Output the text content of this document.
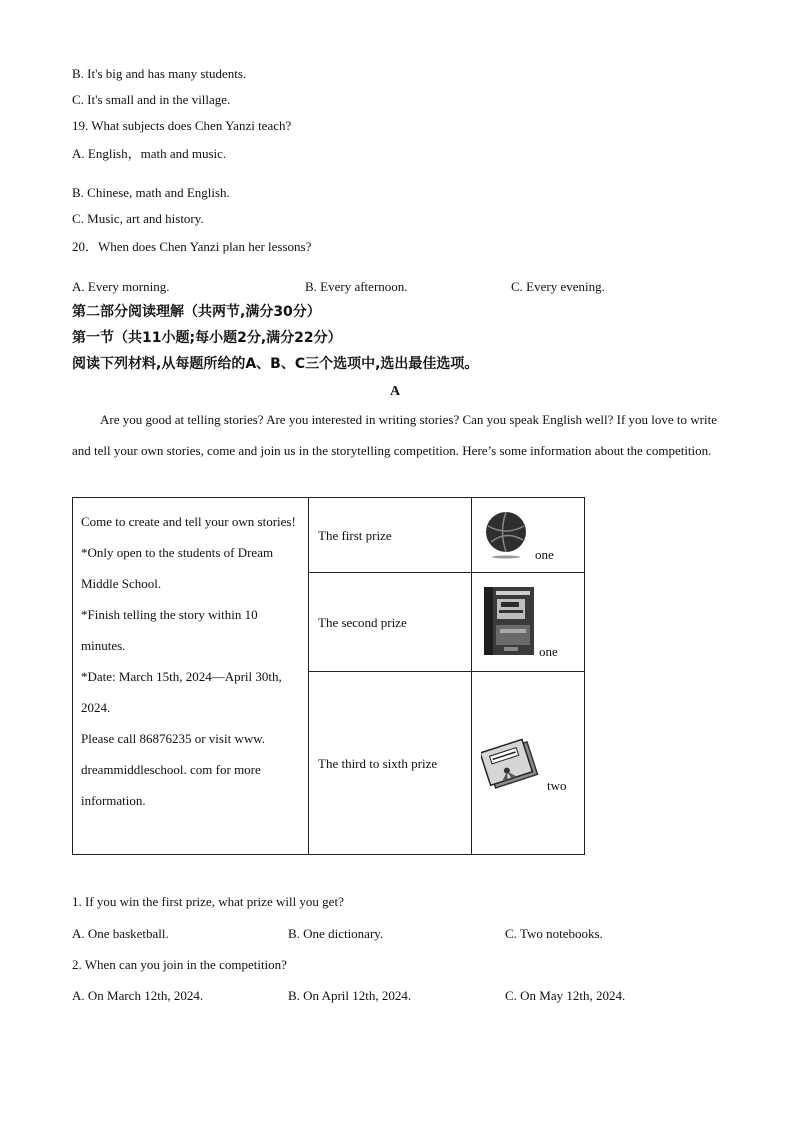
B. It's big and has many students.
C. It's small and in the village.
19. What subjects does Chen Yanzi teach?
A. English，math and music.
B. Chinese, math and English.
C. Music, art and history.
20．When does Chen Yanzi plan her lessons?
A. Every morning.	B. Every afternoon.	C. Every evening.
第二部分阅读理解（共两节,满分30分）
第一节（共11小题;每小题2分,满分22分）
阅读下列材料,从每题所给的A、B、C三个选项中,选出最佳选项。
A
Are you good at telling stories? Are you interested in writing stories? Can you speak English well? If you love to write and tell your own stories, come and join us in the storytelling competition. Here’s some information about the competition.

Come to create and tell your own stories!

*Only open to the students of Dream Middle School.

*Finish telling the story within 10 minutes.

*Date: March 15th, 2024—April 30th, 2024.

Please call 86876235 or visit www. dreammiddleschool. com for more information.	The first prize	one

	The second prize	one

	The third to sixth prize	two
1. If you win the first prize, what prize will you get?
A. One basketball.	B. One dictionary.	C. Two notebooks.
2. When can you join in the competition?
A. On March 12th, 2024.	B. On April 12th, 2024.	C. On May 12th, 2024.
